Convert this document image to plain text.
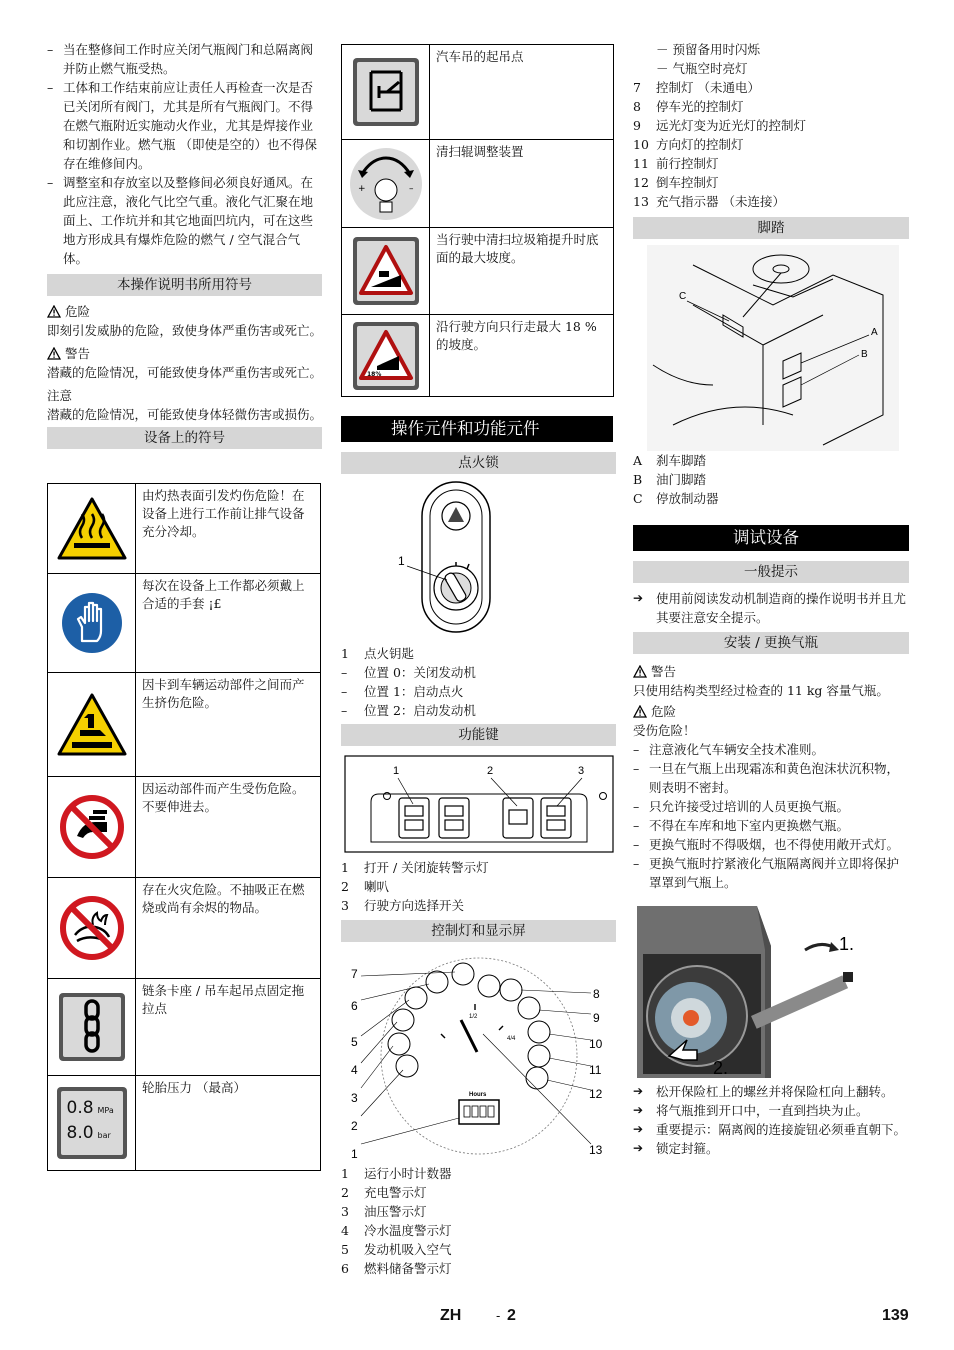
– 当在整修间工作时应关闭气瓶阀门和总隔离阀并防止燃气瓶受热。
– 工体和工作结束前应让责任人再检查一次是否已关闭所有阀门，尤其是所有气瓶阀门。不得在燃气瓶附近实施动火作业，尤其是焊接作业和切割作业。燃气瓶 （即使是空的）也不得保存在维修间内。
– 调整室和存放室以及整修间必须良好通风。在此应注意，液化气比空气重。液化气汇聚在地面上、工作坑并和其它地面凹坑内，可在这些地方形成具有爆炸危险的燃气 / 空气混合气体。
本操作说明书所用符号
危险
即刻引发威胁的危险，致使身体严重伤害或死亡。
警告
潜藏的危险情况，可能致使身体严重伤害或死亡。
注意
潜藏的危险情况，可能致使身体轻微伤害或损伤。
设备上的符号
由灼热表面引发灼伤危险！在设备上进行工作前让排气设备充分冷却。
每次在设备上工作都必须戴上合适的手套 ¡£
因卡到车辆运动部件之间而产生挤伤危险。
因运动部件而产生受伤危险。不要伸进去。
存在火灾危险。不抽吸正在燃烧或尚有余烬的物品。
链条卡座 / 吊车起吊点固定拖拉点
0.8 MPa
8.0 bar
轮胎压力 （最高）
汽车吊的起吊点
+	–
清扫辊调整装置
当行驶中清扫垃圾箱提升时底面的最大坡度。
18%
沿行驶方向只行走最大 18 % 的坡度。
操作元件和功能元件
点火锁
1
1	点火钥匙
–	位置 0：关闭发动机
–	位置 1：启动点火
–	位置 2：启动发动机
功能键
1	2	3
1	打开 / 关闭旋转警示灯
2	喇叭
3	行驶方向选择开关
控制灯和显示屏
1/2
4/4
Hours
7
6
5
4
3
2
1
8
9
10
11
12
13
1	运行小时计数器
2	充电警示灯
3	油压警示灯
4	冷水温度警示灯
5	发动机吸入空气
6	燃料储备警示灯
－ 预留备用时闪烁
－ 气瓶空时亮灯
7	控制灯 （未通电）
8	停车光的控制灯
9	远光灯变为近光灯的控制灯
10 方向灯的控制灯
11 前行控制灯
12 倒车控制灯
13 充气指示器 （未连接）
脚踏
C
A
B
A	刹车脚踏
B	油门脚踏
C	停放制动器
调试设备
一般提示
➔	使用前阅读发动机制造商的操作说明书并且尤其要注意安全提示。
安装 / 更换气瓶
警告
只使用结构类型经过检查的 11 kg 容量气瓶。
危险
受伤危险！
– 注意液化气车辆安全技术准则。
– 一旦在气瓶上出现霜冻和黄色泡沫状沉积物，则表明不密封。
– 只允许接受过培训的人员更换气瓶。
– 不得在车库和地下室内更换燃气瓶。
– 更换气瓶时不得吸烟，也不得使用敞开式灯。
– 更换气瓶时拧紧液化气瓶隔离阀并立即将保护罩罩到气瓶上。
1.
2.
➔	松开保险杠上的螺丝并将保险杠向上翻转。
➔	将气瓶推到开口中，一直到挡块为止。
➔	重要提示：隔离阀的连接旋钮必须垂直朝下。
➔	锁定封箍。
ZH	- 2	139
